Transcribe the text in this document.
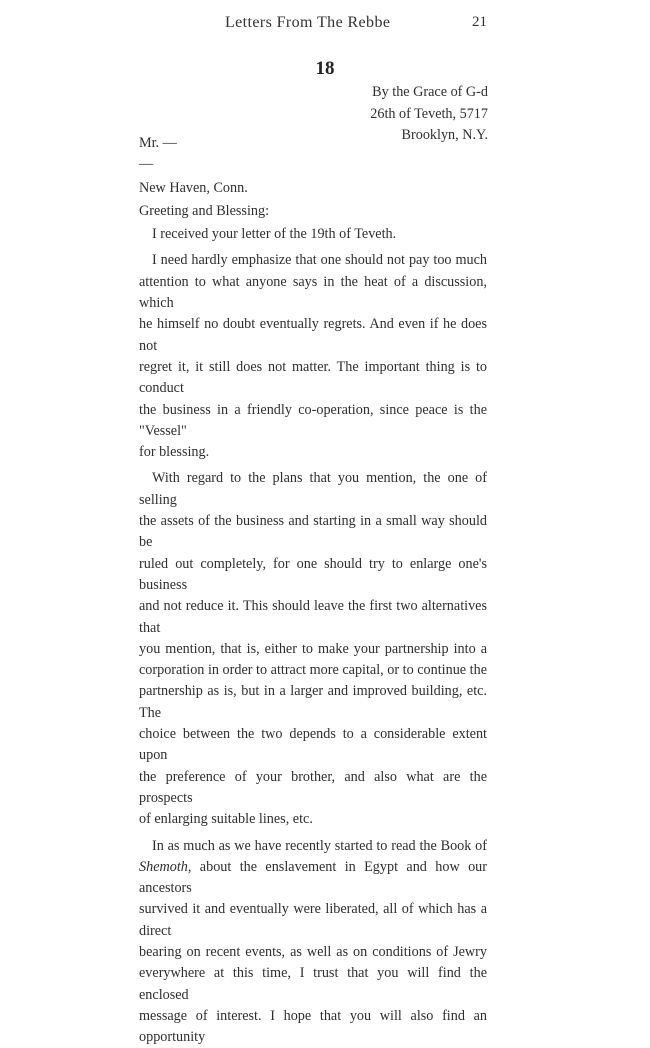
Letters From The Rebbe	21
18
By the Grace of G-d
26th of Teveth, 5717
Brooklyn, N.Y.
Mr. —
—
New Haven, Conn.
Greeting and Blessing:
I received your letter of the 19th of Teveth.
I need hardly emphasize that one should not pay too much
attention to what anyone says in the heat of a discussion, which
he himself no doubt eventually regrets. And even if he does not
regret it, it still does not matter. The important thing is to conduct
the business in a friendly co-operation, since peace is the "Vessel"
for blessing.
With regard to the plans that you mention, the one of selling
the assets of the business and starting in a small way should be
ruled out completely, for one should try to enlarge one's business
and not reduce it. This should leave the first two alternatives that
you mention, that is, either to make your partnership into a
corporation in order to attract more capital, or to continue the
partnership as is, but in a larger and improved building, etc. The
choice between the two depends to a considerable extent upon
the preference of your brother, and also what are the prospects
of enlarging suitable lines, etc.
In as much as we have recently started to read the Book of
Shemoth, about the enslavement in Egypt and how our ancestors
survived it and eventually were liberated, all of which has a direct
bearing on recent events, as well as on conditions of Jewry
everywhere at this time, I trust that you will find the enclosed
message of interest. I hope that you will also find an opportunity
